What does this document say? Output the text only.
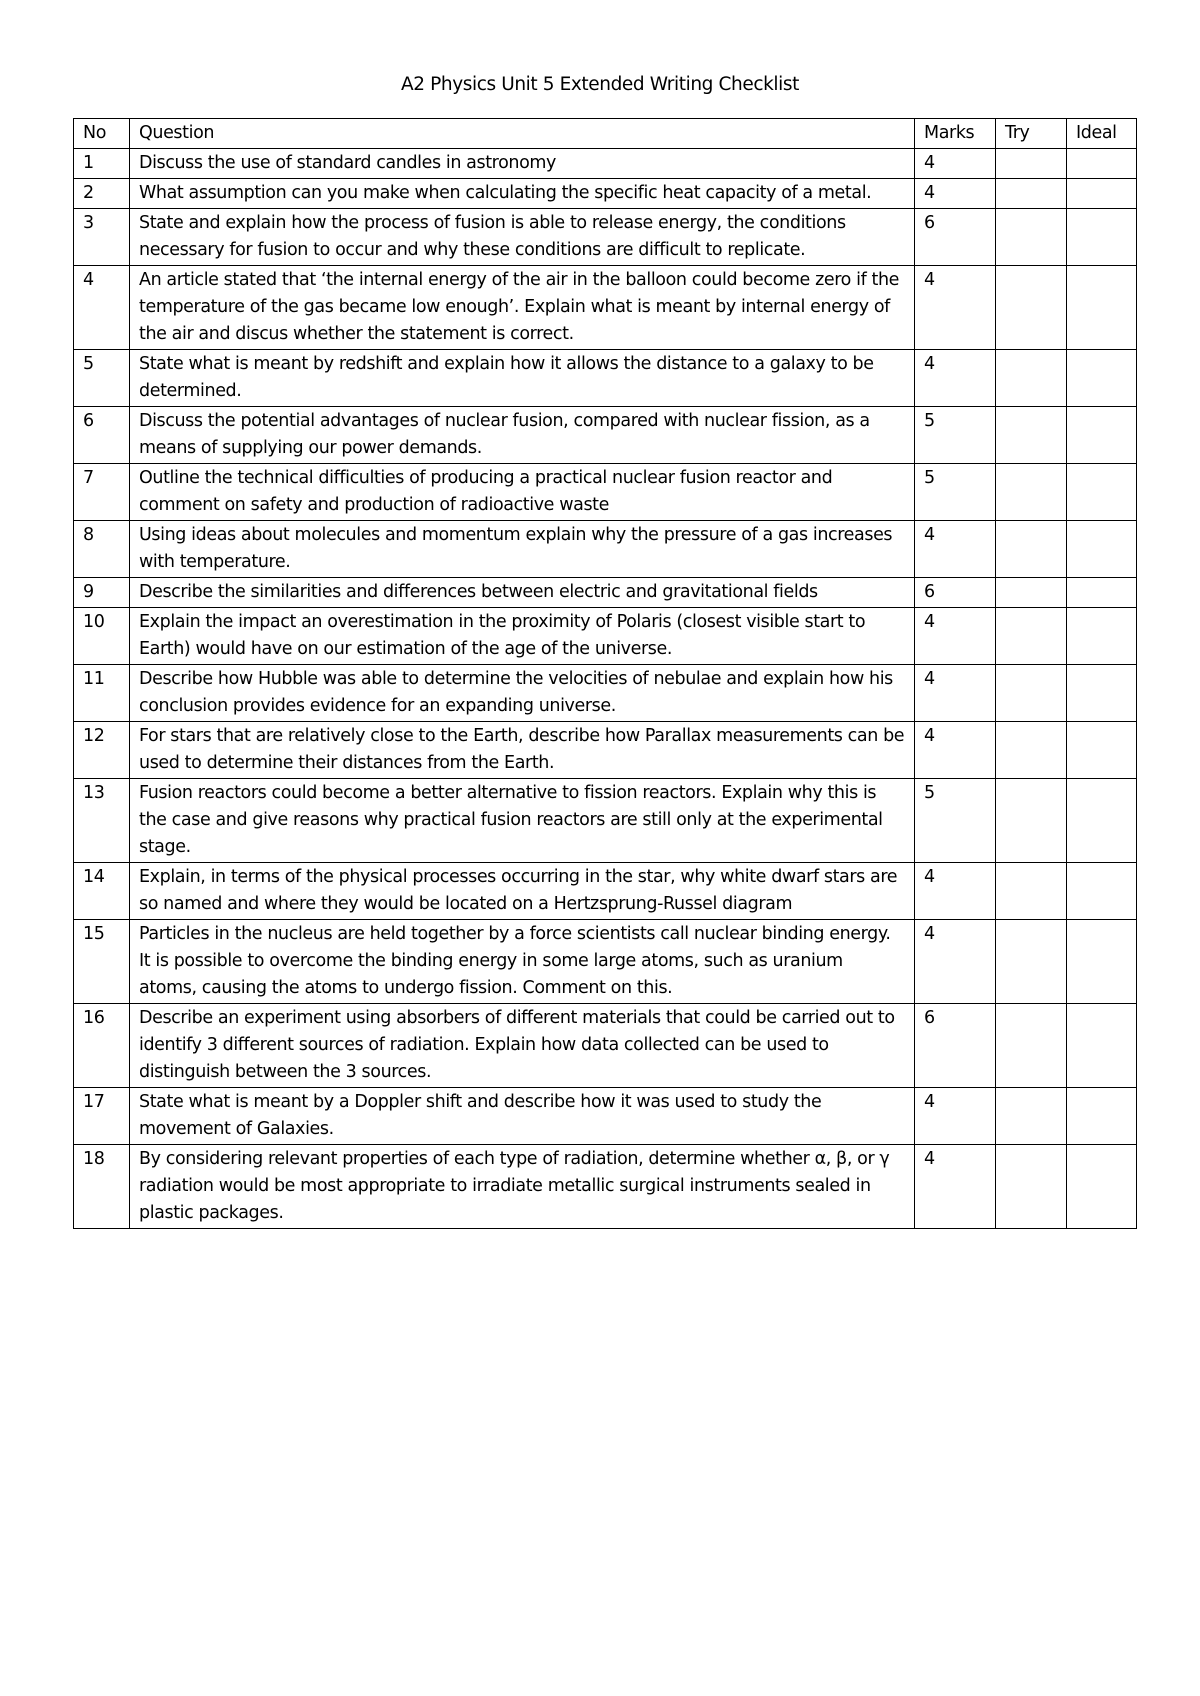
A2 Physics Unit 5 Extended Writing Checklist
No	Question	Marks	Try	Ideal
1	Discuss the use of standard candles in astronomy	4		
2	What assumption can you make when calculating the specific heat capacity of a metal.	4		
3	State and explain how the process of fusion is able to release energy, the conditions necessary for fusion to occur and why these conditions are difficult to replicate.	6		
4	An article stated that ‘the internal energy of the air in the balloon could become zero if the temperature of the gas became low enough’. Explain what is meant by internal energy of the air and discus whether the statement is correct.	4		
5	State what is meant by redshift and explain how it allows the distance to a galaxy to be determined.	4		
6	Discuss the potential advantages of nuclear fusion, compared with nuclear fission, as a means of supplying our power demands.	5		
7	Outline the technical difficulties of producing a practical nuclear fusion reactor and comment on safety and production of radioactive waste	5		
8	Using ideas about molecules and momentum explain why the pressure of a gas increases with temperature.	4		
9	Describe the similarities and differences between electric and gravitational fields	6		
10	Explain the impact an overestimation in the proximity of Polaris (closest visible start to Earth) would have on our estimation of the age of the universe.	4		
11	Describe how Hubble was able to determine the velocities of nebulae and explain how his conclusion provides evidence for an expanding universe.	4		
12	For stars that are relatively close to the Earth, describe how Parallax measurements can be used to determine their distances from the Earth.	4		
13	Fusion reactors could become a better alternative to fission reactors. Explain why this is the case and give reasons why practical fusion reactors are still only at the experimental stage.	5		
14	Explain, in terms of the physical processes occurring in the star, why white dwarf stars are so named and where they would be located on a Hertzsprung-Russel diagram	4		
15	Particles in the nucleus are held together by a force scientists call nuclear binding energy. It is possible to overcome the binding energy in some large atoms, such as uranium atoms, causing the atoms to undergo fission. Comment on this.	4		
16	Describe an experiment using absorbers of different materials that could be carried out to identify 3 different sources of radiation. Explain how data collected can be used to distinguish between the 3 sources.	6		
17	State what is meant by a Doppler shift and describe how it was used to study the movement of Galaxies.	4		
18	By considering relevant properties of each type of radiation, determine whether α, β, or γ radiation would be most appropriate to irradiate metallic surgical instruments sealed in plastic packages.	4		
